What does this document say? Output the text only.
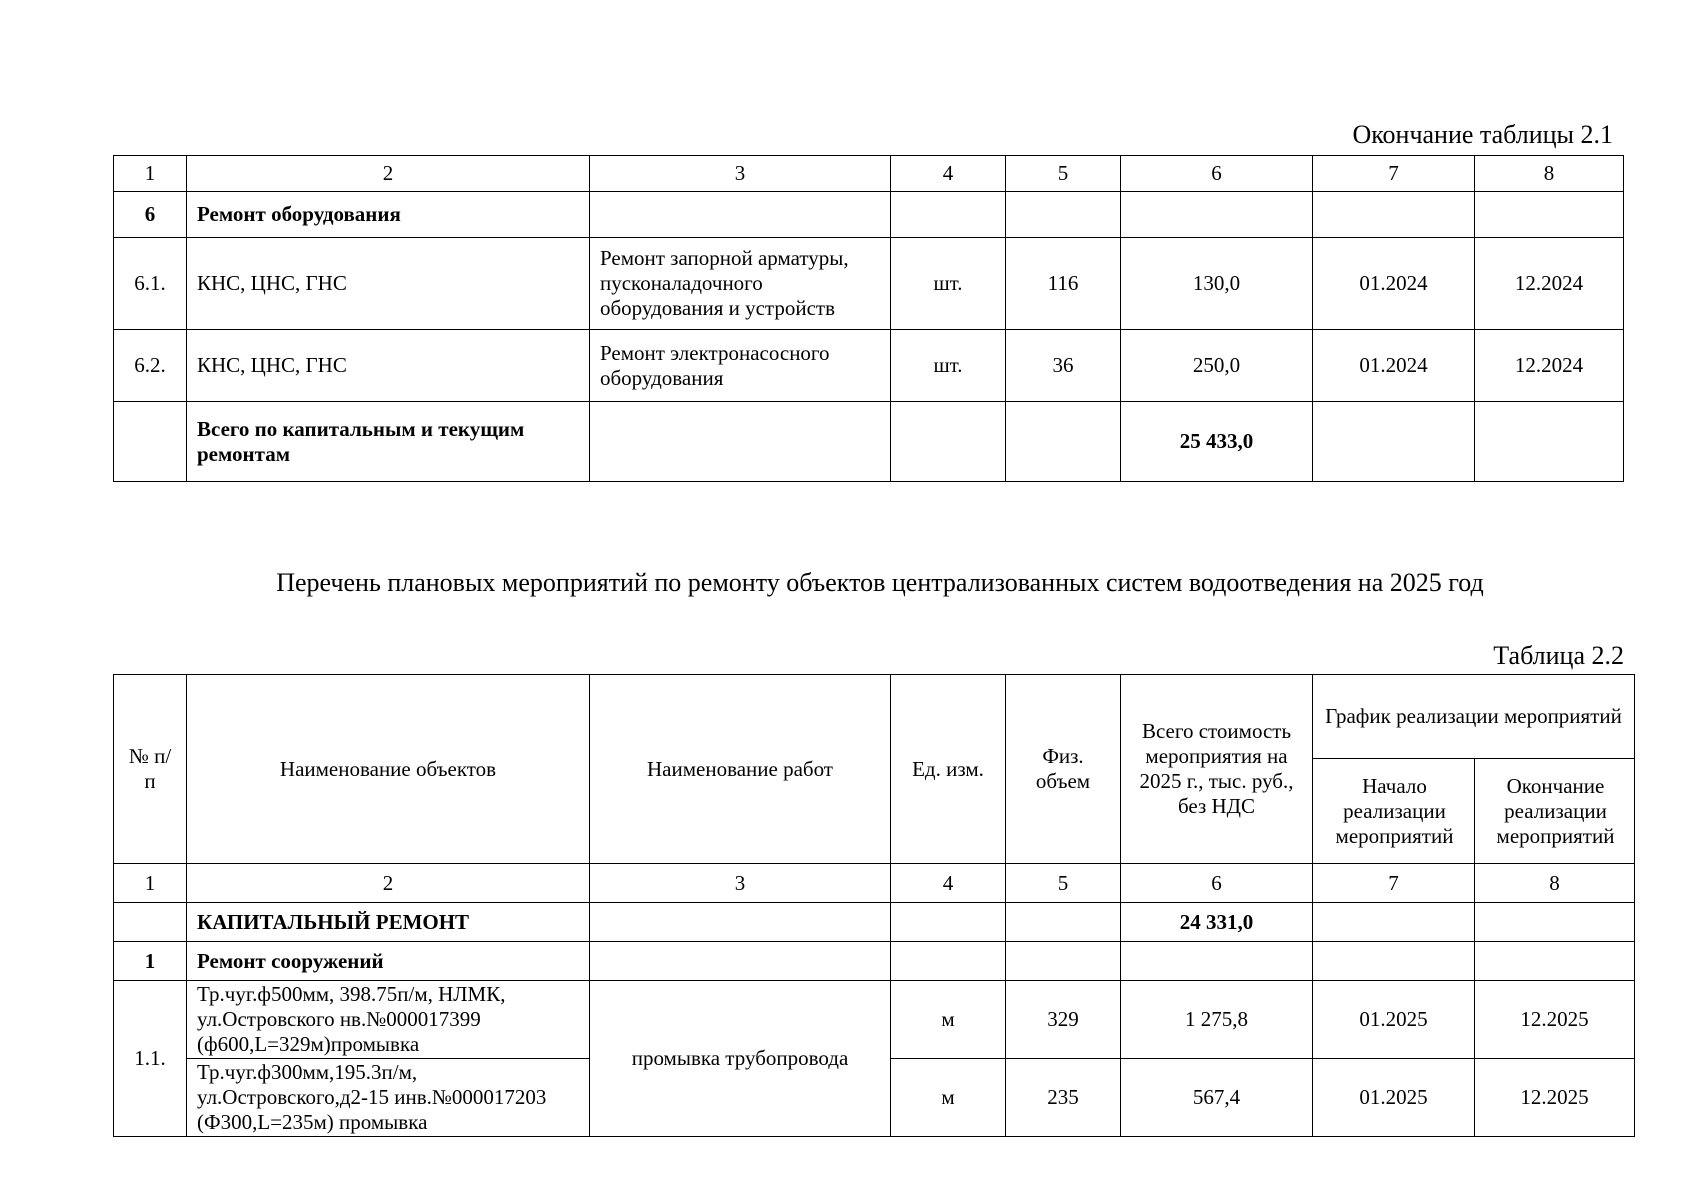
Окончание таблицы 2.1
1	2	3	4	5	6	7	8
6	Ремонт оборудования						
6.1.	КНС, ЦНС, ГНС	Ремонт запорной арматуры, пусконаладочного оборудования и устройств	шт.	116	130,0	01.2024	12.2024
6.2.	КНС, ЦНС, ГНС	Ремонт электронасосного оборудования	шт.	36	250,0	01.2024	12.2024
	Всего по капитальным и текущим ремонтам				25 433,0		
Перечень плановых мероприятий по ремонту объектов централизованных систем водоотведения на 2025 год
Таблица 2.2
№ п/п	Наименование объектов	Наименование работ	Ед. изм.	Физ. объем	Всего стоимость мероприятия на 2025 г., тыс. руб., без НДС	График реализации мероприятий	
						Начало реализации мероприятий	Окончание реализации мероприятий
1	2	3	4	5	6	7	8
	КАПИТАЛЬНЫЙ РЕМОНТ				24 331,0		
1	Ремонт сооружений						
1.1.	Тр.чуг.ф500мм, 398.75п/м, НЛМК, ул.Островского нв.№000017399 (ф600,L=329м)промывка	промывка трубопровода	м	329	1 275,8	01.2025	12.2025
	Тр.чуг.ф300мм,195.3п/м, ул.Островского,д2-15 инв.№000017203 (Ф300,L=235м) промывка		м	235	567,4	01.2025	12.2025
